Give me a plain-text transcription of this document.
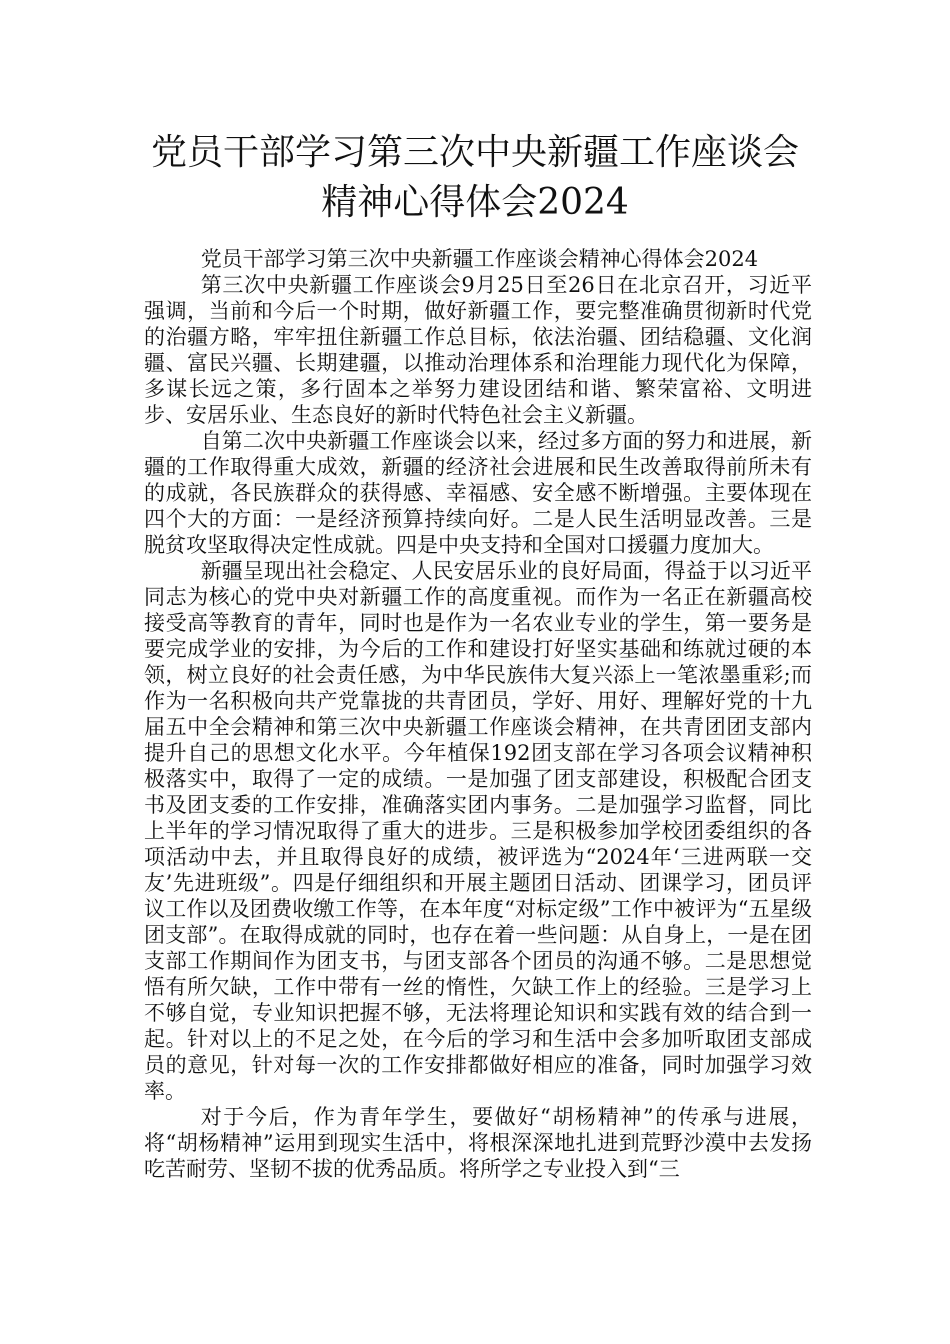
党员干部学习第三次中央新疆工作座谈会
精神心得体会2024

党员干部学习第三次中央新疆工作座谈会精神心得体会2024

第三次中央新疆工作座谈会9月25日至26日在北京召开，习近平强调，当前和今后一个时期，做好新疆工作，要完整准确贯彻新时代党的治疆方略，牢牢扭住新疆工作总目标，依法治疆、团结稳疆、文化润疆、富民兴疆、长期建疆，以推动治理体系和治理能力现代化为保障，多谋长远之策，多行固本之举努力建设团结和谐、繁荣富裕、文明进步、安居乐业、生态良好的新时代特色社会主义新疆。

自第二次中央新疆工作座谈会以来，经过多方面的努力和进展，新疆的工作取得重大成效，新疆的经济社会进展和民生改善取得前所未有的成就，各民族群众的获得感、幸福感、安全感不断增强。主要体现在四个大的方面：一是经济预算持续向好。二是人民生活明显改善。三是脱贫攻坚取得决定性成就。四是中央支持和全国对口援疆力度加大。

新疆呈现出社会稳定、人民安居乐业的良好局面，得益于以习近平同志为核心的党中央对新疆工作的高度重视。而作为一名正在新疆高校接受高等教育的青年，同时也是作为一名农业专业的学生，第一要务是要完成学业的安排，为今后的工作和建设打好坚实基础和练就过硬的本领，树立良好的社会责任感，为中华民族伟大复兴添上一笔浓墨重彩;而作为一名积极向共产党靠拢的共青团员，学好、用好、理解好党的十九届五中全会精神和第三次中央新疆工作座谈会精神，在共青团团支部内提升自己的思想文化水平。今年植保192团支部在学习各项会议精神积极落实中，取得了一定的成绩。一是加强了团支部建设，积极配合团支书及团支委的工作安排，准确落实团内事务。二是加强学习监督，同比上半年的学习情况取得了重大的进步。三是积极参加学校团委组织的各项活动中去，并且取得良好的成绩，被评选为“2024年‘三进两联一交友’先进班级”。四是仔细组织和开展主题团日活动、团课学习，团员评议工作以及团费收缴工作等，在本年度“对标定级”工作中被评为“五星级团支部”。在取得成就的同时，也存在着一些问题：从自身上，一是在团支部工作期间作为团支书，与团支部各个团员的沟通不够。二是思想觉悟有所欠缺，工作中带有一丝的惰性，欠缺工作上的经验。三是学习上不够自觉，专业知识把握不够，无法将理论知识和实践有效的结合到一起。针对以上的不足之处，在今后的学习和生活中会多加听取团支部成员的意见，针对每一次的工作安排都做好相应的准备，同时加强学习效率。

对于今后，作为青年学生，要做好“胡杨精神”的传承与进展，将“胡杨精神”运用到现实生活中，将根深深地扎进到荒野沙漠中去发扬吃苦耐劳、坚韧不拔的优秀品质。将所学之专业投入到“三
